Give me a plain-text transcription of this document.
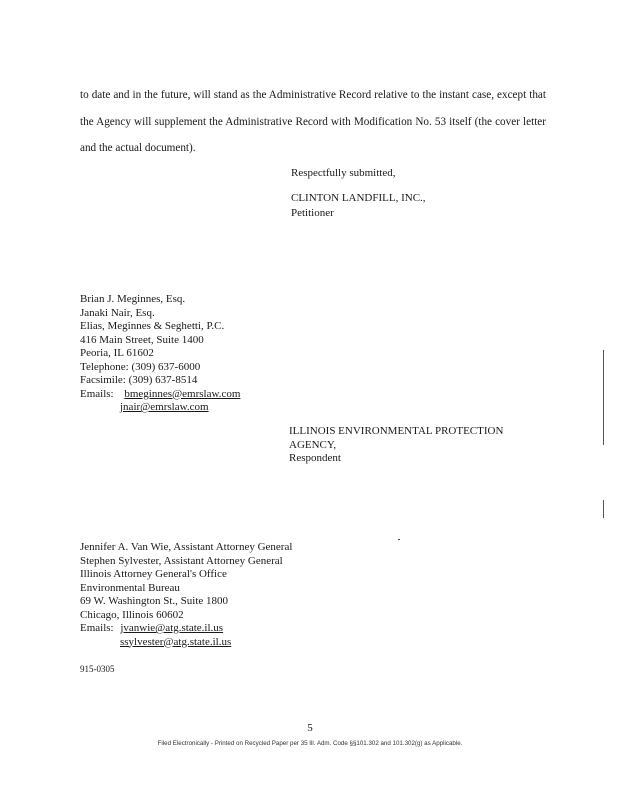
to date and in the future, will stand as the Administrative Record relative to the instant case, except that the Agency will supplement the Administrative Record with Modification No. 53 itself (the cover letter and the actual document).

Respectfully submitted,
CLINTON LANDFILL, INC.,
Petitioner
Brian J. Meginnes, Esq.
Janaki Nair, Esq.
Elias, Meginnes & Seghetti, P.C.
416 Main Street, Suite 1400
Peoria, IL 61602
Telephone: (309) 637-6000
Facsimile: (309) 637-8514
Emails: bmeginnes@emrslaw.com
jnair@emrslaw.com
ILLINOIS ENVIRONMENTAL PROTECTION
AGENCY,
Respondent
Jennifer A. Van Wie, Assistant Attorney General
Stephen Sylvester, Assistant Attorney General
Illinois Attorney General's Office
Environmental Bureau
69 W. Washington St., Suite 1800
Chicago, Illinois 60602
Emails: jvanwie@atg.state.il.us
ssylvester@atg.state.il.us
915-0305
5
Filed Electronically - Printed on Recycled Paper per 35 Ill. Adm. Code §§101.302 and 101.302(g) as Applicable.
